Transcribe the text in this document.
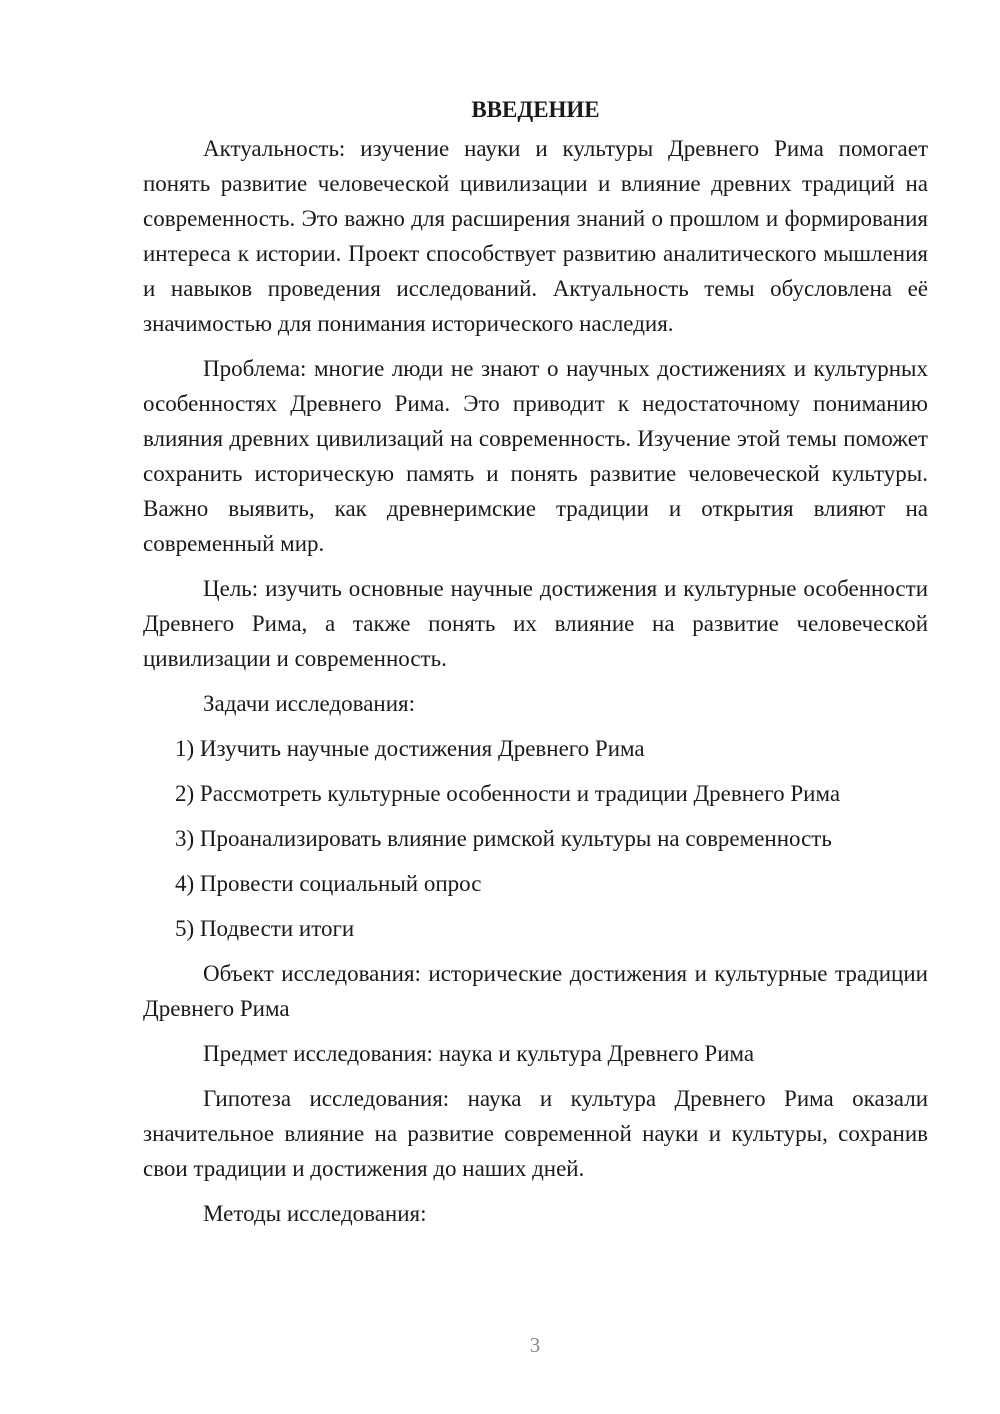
ВВЕДЕНИЕ

Актуальность: изучение науки и культуры Древнего Рима помогает понять развитие человеческой цивилизации и влияние древних традиций на современность. Это важно для расширения знаний о прошлом и формирования интереса к истории. Проект способствует развитию аналитического мышления и навыков проведения исследований. Актуальность темы обусловлена её значимостью для понимания исторического наследия.

Проблема: многие люди не знают о научных достижениях и культурных особенностях Древнего Рима. Это приводит к недостаточному пониманию влияния древних цивилизаций на современность. Изучение этой темы поможет сохранить историческую память и понять развитие человеческой культуры. Важно выявить, как древнеримские традиции и открытия влияют на современный мир.

Цель: изучить основные научные достижения и культурные особенности Древнего Рима, а также понять их влияние на развитие человеческой цивилизации и современность.

Задачи исследования:

1) Изучить научные достижения Древнего Рима
2) Рассмотреть культурные особенности и традиции Древнего Рима
3) Проанализировать влияние римской культуры на современность
4) Провести социальный опрос
5) Подвести итоги

Объект исследования: исторические достижения и культурные традиции Древнего Рима

Предмет исследования: наука и культура Древнего Рима

Гипотеза исследования: наука и культура Древнего Рима оказали значительное влияние на развитие современной науки и культуры, сохранив свои традиции и достижения до наших дней.

Методы исследования:

3
